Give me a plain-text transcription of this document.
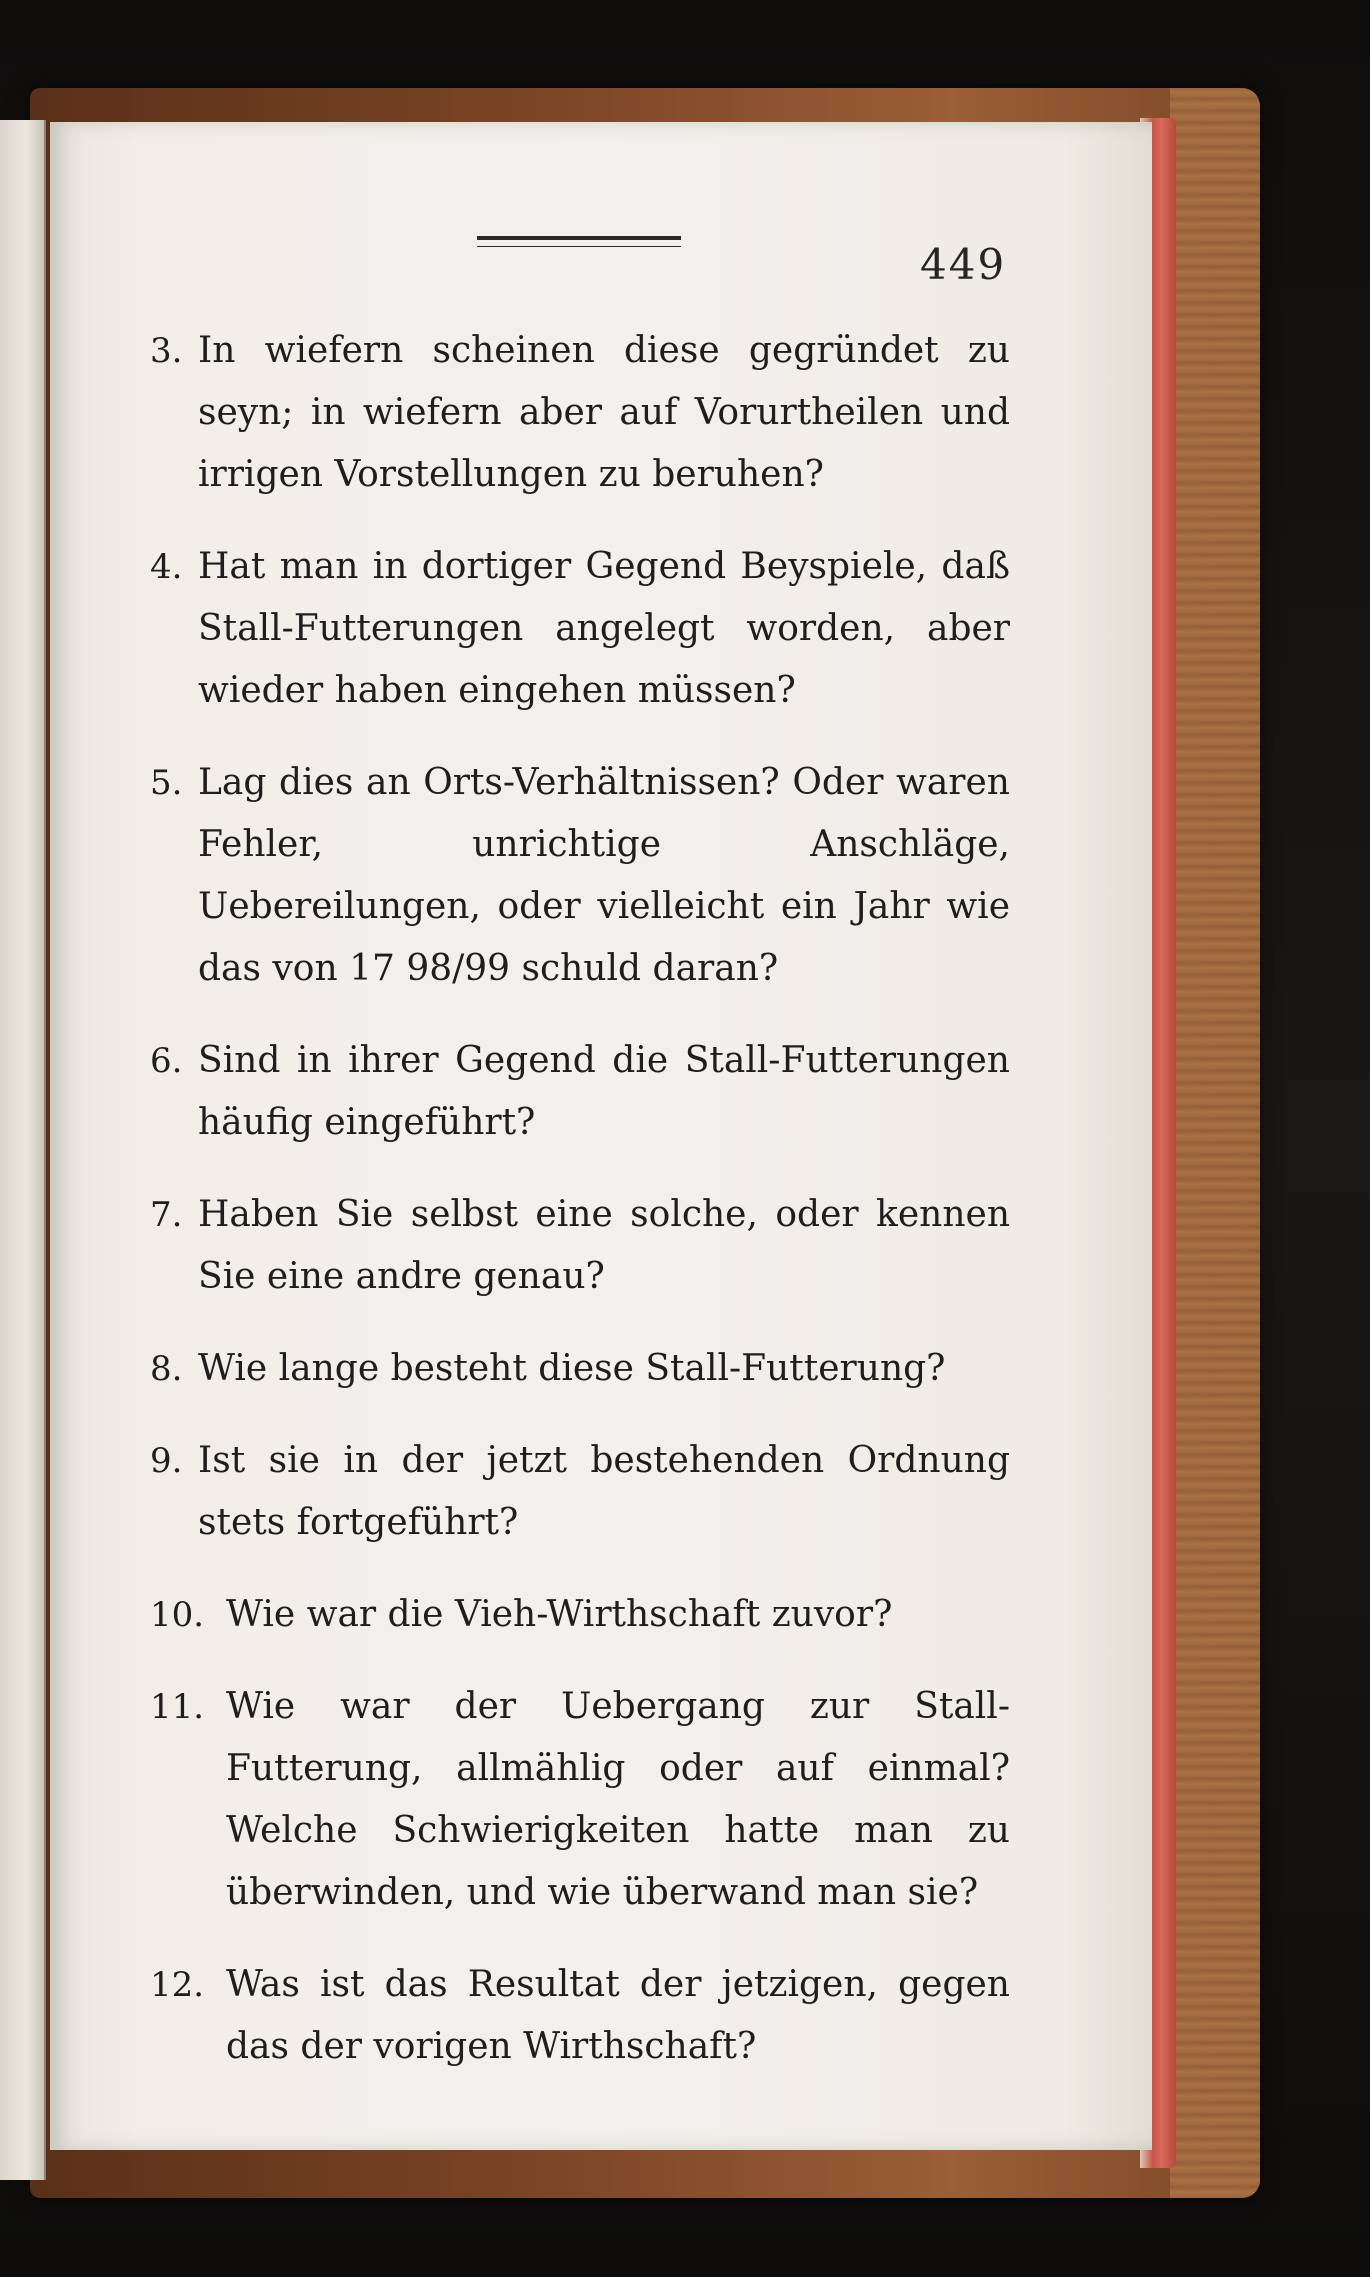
449
3. In wiefern scheinen diese gegründet zu seyn; in wiefern aber auf Vorurtheilen und irrigen Vorstellungen zu beruhen?
4. Hat man in dortiger Gegend Beyspiele, daß Stall-Futterungen angelegt worden, aber wieder haben eingehen müssen?
5. Lag dies an Orts-Verhältnissen? Oder waren Fehler, unrichtige Anschläge, Uebereilungen, oder vielleicht ein Jahr wie das von 17 98/99 schuld daran?
6. Sind in ihrer Gegend die Stall-Futterungen häufig eingeführt?
7. Haben Sie selbst eine solche, oder kennen Sie eine andre genau?
8. Wie lange besteht diese Stall-Futterung?
9. Ist sie in der jetzt bestehenden Ordnung stets fortgeführt?
10. Wie war die Vieh-Wirthschaft zuvor?
11. Wie war der Uebergang zur Stall-Futterung, allmählig oder auf einmal? Welche Schwierigkeiten hatte man zu überwinden, und wie überwand man sie?
12. Was ist das Resultat der jetzigen, gegen das der vorigen Wirthschaft?
